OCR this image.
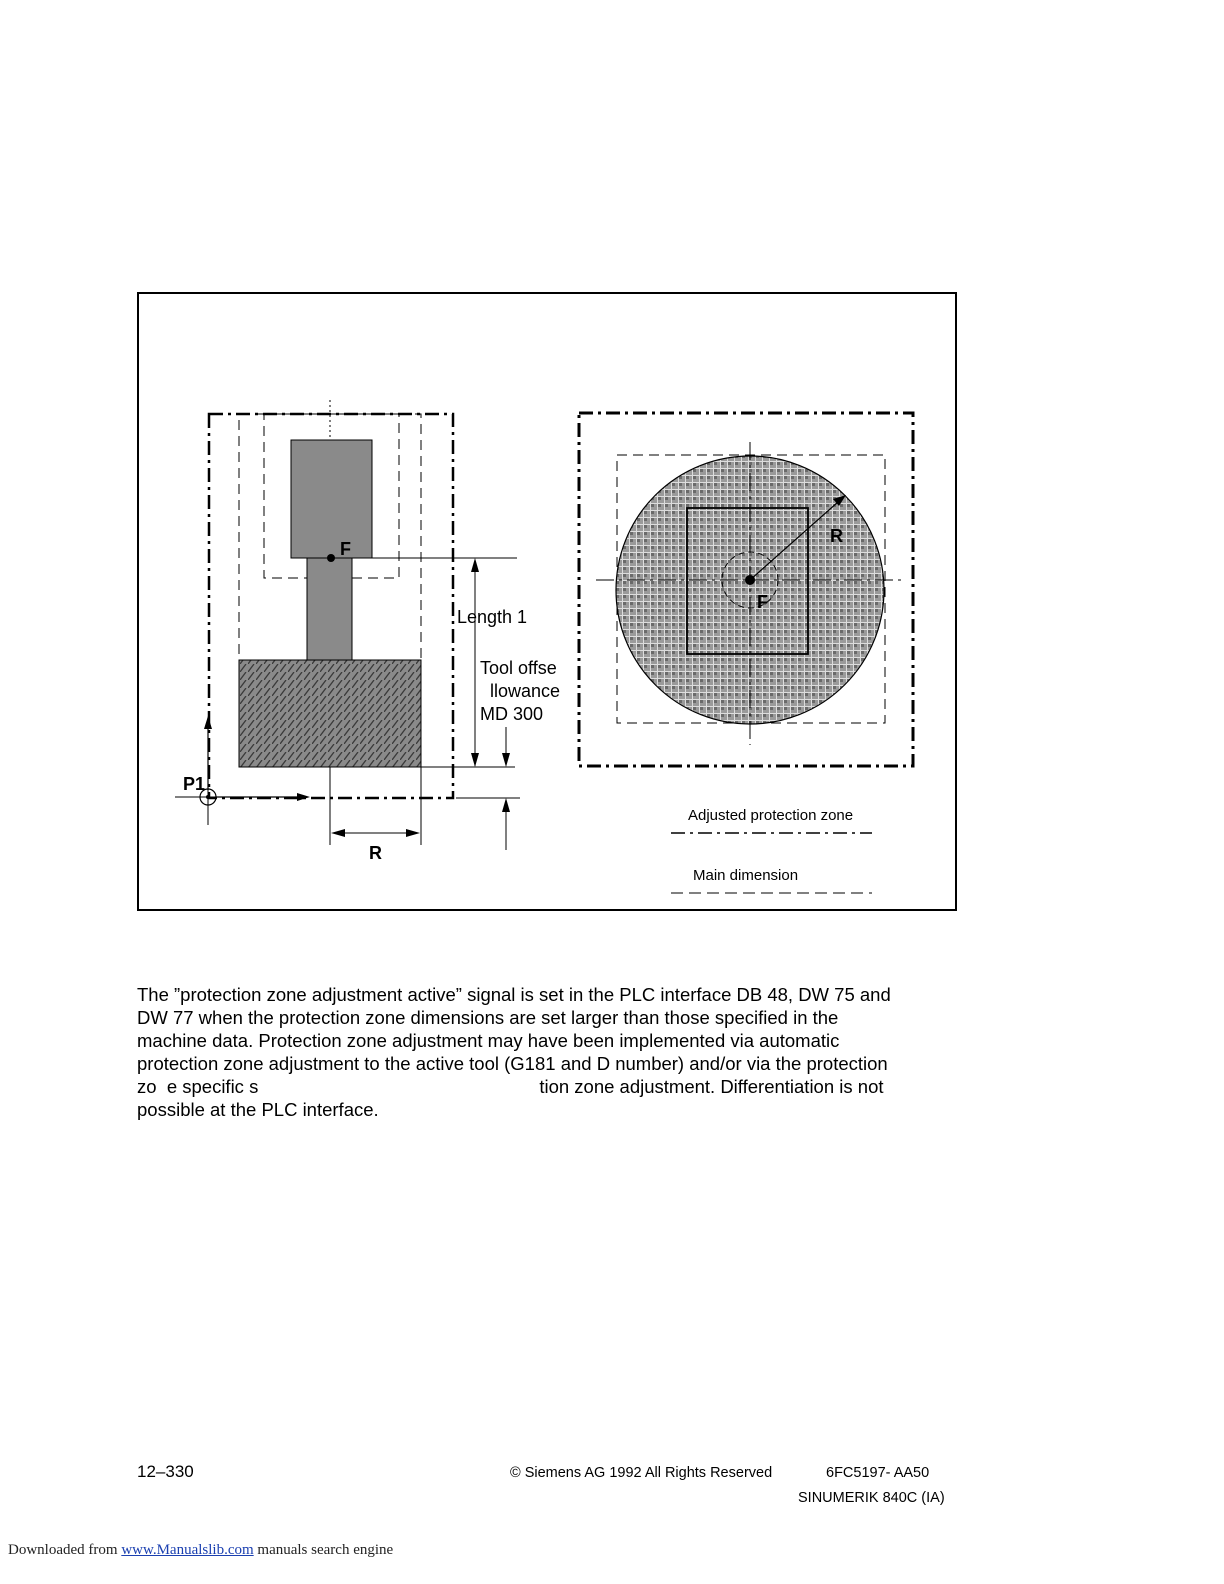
F
P1
R
Length 1
Tool offse
llowance
MD 300
R
F
Adjusted protection zone
Main dimension

The ”protection zone adjustment active” signal is set in the PLC interface DB 48, DW 75 and

DW 77 when the protection zone dimensions are set larger than those specified in the

machine data. Protection zone adjustment may have been implemented via automatic

protection zone adjustment to the active tool (G181 and D number) and/or via the protection

zo  e specific s	tion zone adjustment. Differentiation is not

possible at the PLC interface.

12–330	© Siemens AG 1992 All Rights Reserved	6FC5197- AA50
SINUMERIK 840C (IA)
Downloaded from www.Manualslib.com manuals search engine
